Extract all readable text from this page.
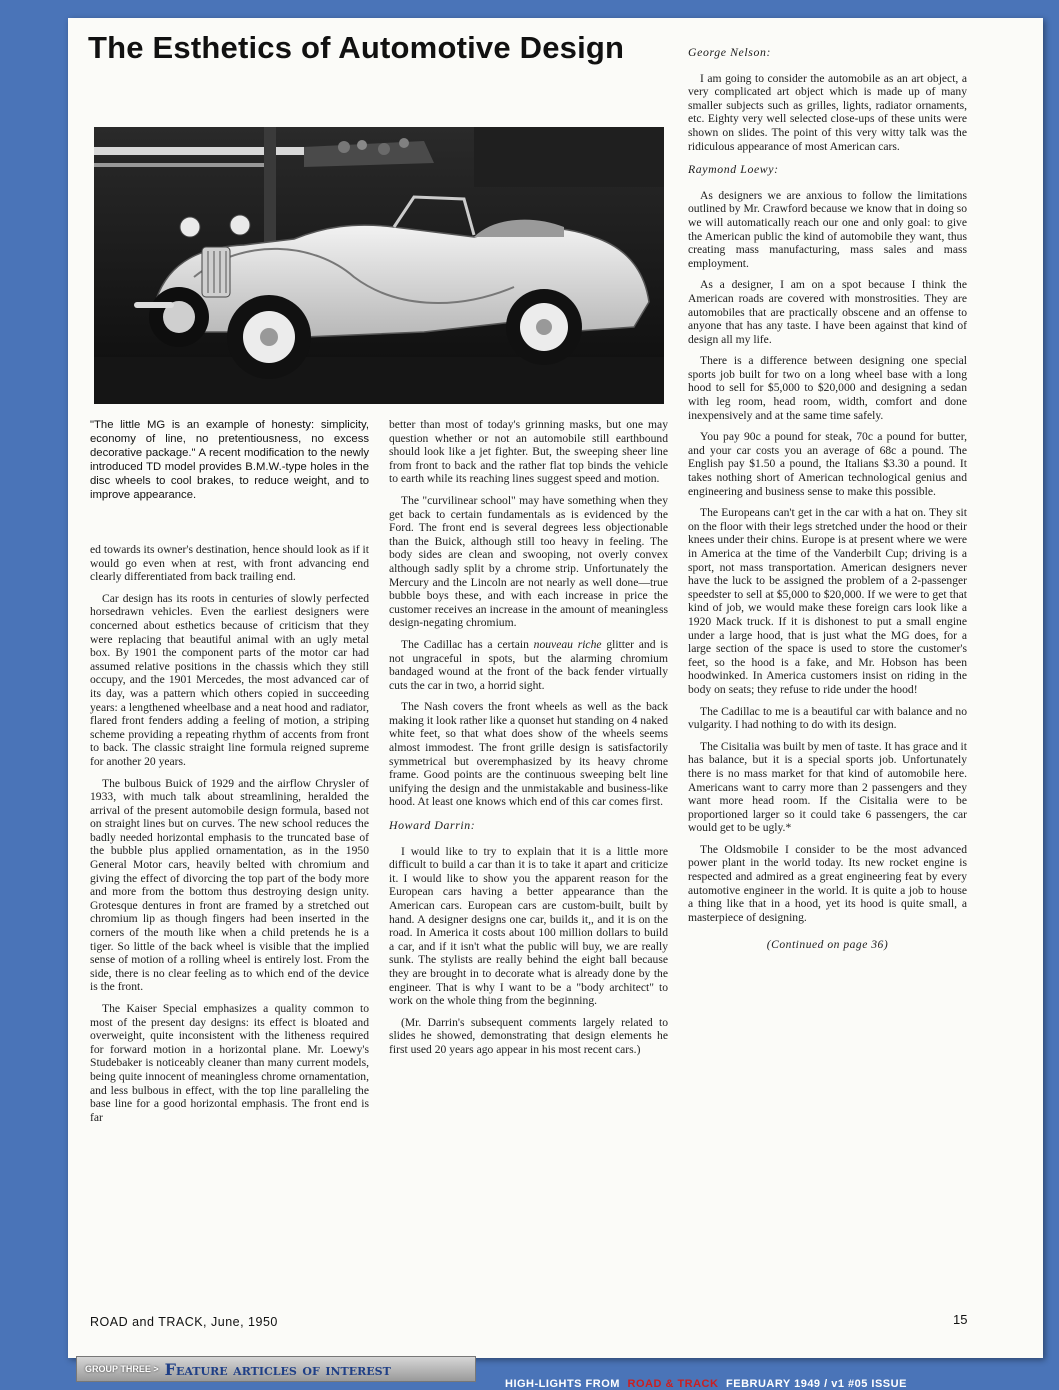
The Esthetics of Automotive Design

"The little MG is an example of honesty: simplicity, economy of line, no pretentiousness, no excess decorative package." A recent modification to the newly introduced TD model provides B.M.W.-type holes in the disc wheels to cool brakes, to reduce weight, and to improve appearance.

ed towards its owner's destination, hence should look as if it would go even when at rest, with front advancing end clearly differentiated from back trailing end.

Car design has its roots in centuries of slowly perfected horsedrawn vehicles. Even the earliest designers were concerned about esthetics because of criticism that they were replacing that beautiful animal with an ugly metal box. By 1901 the component parts of the motor car had assumed relative positions in the chassis which they still occupy, and the 1901 Mercedes, the most advanced car of its day, was a pattern which others copied in succeeding years: a lengthened wheelbase and a neat hood and radiator, flared front fenders adding a feeling of motion, a striping scheme providing a repeating rhythm of accents from front to back. The classic straight line formula reigned supreme for another 20 years.

The bulbous Buick of 1929 and the airflow Chrysler of 1933, with much talk about streamlining, heralded the arrival of the present automobile design formula, based not on straight lines but on curves. The new school reduces the badly needed horizontal emphasis to the truncated base of the bubble plus applied ornamentation, as in the 1950 General Motor cars, heavily belted with chromium and giving the effect of divorcing the top part of the body more and more from the bottom thus destroying design unity. Grotesque dentures in front are framed by a stretched out chromium lip as though fingers had been inserted in the corners of the mouth like when a child pretends he is a tiger. So little of the back wheel is visible that the implied sense of motion of a rolling wheel is entirely lost. From the side, there is no clear feeling as to which end of the device is the front.

The Kaiser Special emphasizes a quality common to most of the present day designs: its effect is bloated and overweight, quite inconsistent with the litheness required for forward motion in a horizontal plane. Mr. Loewy's Studebaker is noticeably cleaner than many current models, being quite innocent of meaningless chrome ornamentation, and less bulbous in effect, with the top line paralleling the base line for a good horizontal emphasis. The front end is far

better than most of today's grinning masks, but one may question whether or not an automobile still earthbound should look like a jet fighter. But, the sweeping sheer line from front to back and the rather flat top binds the vehicle to earth while its reaching lines suggest speed and motion.

The "curvilinear school" may have something when they get back to certain fundamentals as is evidenced by the Ford. The front end is several degrees less objectionable than the Buick, although still too heavy in feeling. The body sides are clean and swooping, not overly convex although sadly split by a chrome strip. Unfortunately the Mercury and the Lincoln are not nearly as well done—true bubble boys these, and with each increase in price the customer receives an increase in the amount of meaningless design-negating chromium.

The Cadillac has a certain nouveau riche glitter and is not ungraceful in spots, but the alarming chromium bandaged wound at the front of the back fender virtually cuts the car in two, a horrid sight.

The Nash covers the front wheels as well as the back making it look rather like a quonset hut standing on 4 naked white feet, so that what does show of the wheels seems almost immodest. The front grille design is satisfactorily symmetrical but overemphasized by its heavy chrome frame. Good points are the continuous sweeping belt line unifying the design and the unmistakable and business-like hood. At least one knows which end of this car comes first.

Howard Darrin:

I would like to try to explain that it is a little more difficult to build a car than it is to take it apart and criticize it. I would like to show you the apparent reason for the European cars having a better appearance than the American cars. European cars are custom-built, built by hand. A designer designs one car, builds it,, and it is on the road. In America it costs about 100 million dollars to build a car, and if it isn't what the public will buy, we are really sunk. The stylists are really behind the eight ball because they are brought in to decorate what is already done by the engineer. That is why I want to be a "body architect" to work on the whole thing from the beginning.

(Mr. Darrin's subsequent comments largely related to slides he showed, demonstrating that design elements he first used 20 years ago appear in his most recent cars.)

George Nelson:

I am going to consider the automobile as an art object, a very complicated art object which is made up of many smaller subjects such as grilles, lights, radiator ornaments, etc. Eighty very well selected close-ups of these units were shown on slides. The point of this very witty talk was the ridiculous appearance of most American cars.

Raymond Loewy:

As designers we are anxious to follow the limitations outlined by Mr. Crawford because we know that in doing so we will automatically reach our one and only goal: to give the American public the kind of automobile they want, thus creating mass manufacturing, mass sales and mass employment.

As a designer, I am on a spot because I think the American roads are covered with monstrosities. They are automobiles that are practically obscene and an offense to anyone that has any taste. I have been against that kind of design all my life.

There is a difference between designing one special sports job built for two on a long wheel base with a long hood to sell for $5,000 to $20,000 and designing a sedan with leg room, head room, width, comfort and done inexpensively and at the same time safely.

You pay 90c a pound for steak, 70c a pound for butter, and your car costs you an average of 68c a pound. The English pay $1.50 a pound, the Italians $3.30 a pound. It takes nothing short of American technological genius and engineering and business sense to make this possible.

The Europeans can't get in the car with a hat on. They sit on the floor with their legs stretched under the hood or their knees under their chins. Europe is at present where we were in America at the time of the Vanderbilt Cup; driving is a sport, not mass transportation. American designers never have the luck to be assigned the problem of a 2-passenger speedster to sell at $5,000 to $20,000. If we were to get that kind of job, we would make these foreign cars look like a 1920 Mack truck. If it is dishonest to put a small engine under a large hood, that is just what the MG does, for a large section of the space is used to store the customer's feet, so the hood is a fake, and Mr. Hobson has been hoodwinked. In America customers insist on riding in the body on seats; they refuse to ride under the hood!

The Cadillac to me is a beautiful car with balance and no vulgarity. I had nothing to do with its design.

The Cisitalia was built by men of taste. It has grace and it has balance, but it is a special sports job. Unfortunately there is no mass market for that kind of automobile here. Americans want to carry more than 2 passengers and they want more head room. If the Cisitalia were to be proportioned larger so it could take 6 passengers, the car would get to be ugly.*

The Oldsmobile I consider to be the most advanced power plant in the world today. Its new rocket engine is respected and admired as a great engineering feat by every automotive engineer in the world. It is quite a job to house a thing like that in a hood, yet its hood is quite small, a masterpiece of designing.

(Continued on page 36)

ROAD and TRACK, June, 1950	15
GROUP THREE > Feature articles of interest
HIGH-LIGHTS FROM ROAD & TRACK FEBRUARY 1949 / v1 #05 ISSUE
